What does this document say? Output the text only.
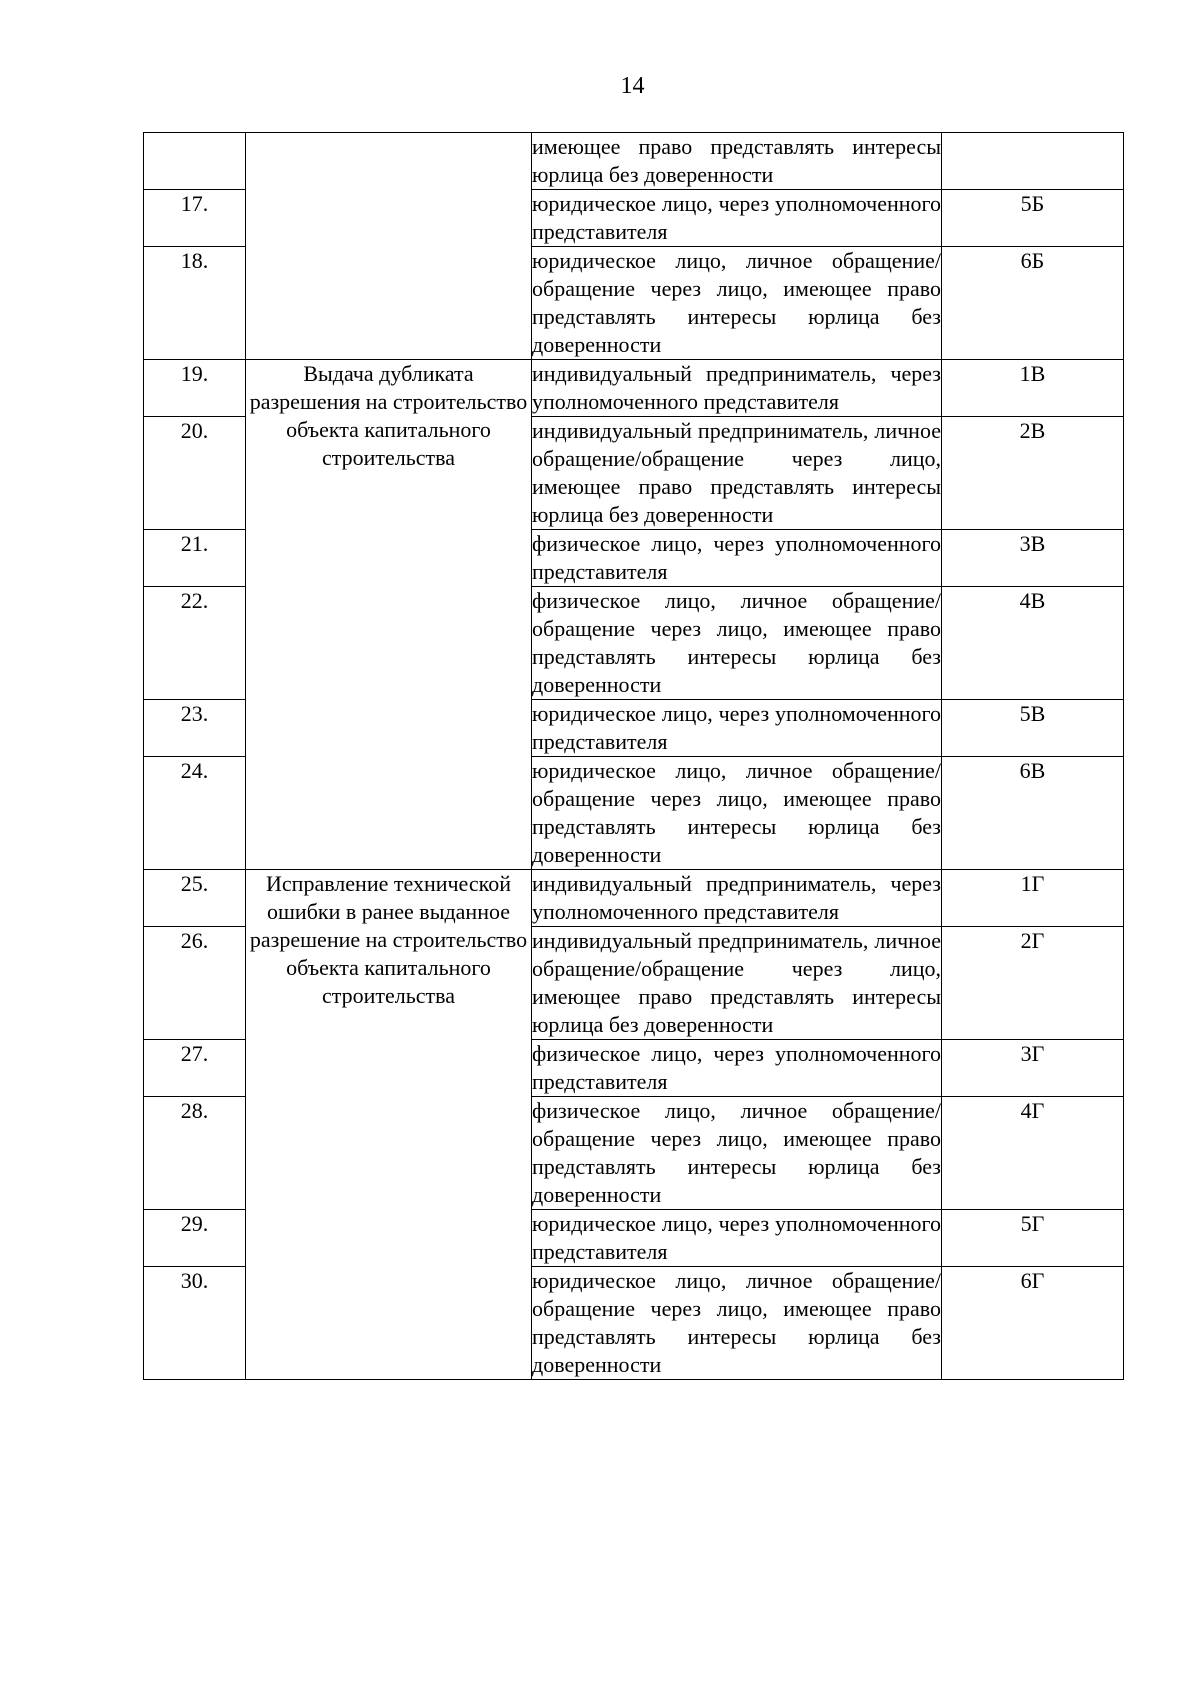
14
		имеющее право представлять интересы юрлица без доверенности	
17.		юридическое лицо, через уполномоченного представителя	5Б
18.		юридическое лицо, личное обращение/обращение через лицо, имеющее право представлять интересы юрлица без доверенности	6Б
19.	Выдача дубликата разрешения на строительство объекта капитального строительства	индивидуальный предприниматель, через уполномоченного представителя	1В
20.		индивидуальный предприниматель, личное обращение/обращение через лицо, имеющее право представлять интересы юрлица без доверенности	2В
21.		физическое лицо, через уполномоченного представителя	3В
22.		физическое лицо, личное обращение/обращение через лицо, имеющее право представлять интересы юрлица без доверенности	4В
23.		юридическое лицо, через уполномоченного представителя	5В
24.		юридическое лицо, личное обращение/обращение через лицо, имеющее право представлять интересы юрлица без доверенности	6В
25.	Исправление технической ошибки в ранее выданное разрешение на строительство объекта капитального строительства	индивидуальный предприниматель, через уполномоченного представителя	1Г
26.		индивидуальный предприниматель, личное обращение/обращение через лицо, имеющее право представлять интересы юрлица без доверенности	2Г
27.		физическое лицо, через уполномоченного представителя	3Г
28.		физическое лицо, личное обращение/обращение через лицо, имеющее право представлять интересы юрлица без доверенности	4Г
29.		юридическое лицо, через уполномоченного представителя	5Г
30.		юридическое лицо, личное обращение/обращение через лицо, имеющее право представлять интересы юрлица без доверенности	6Г
